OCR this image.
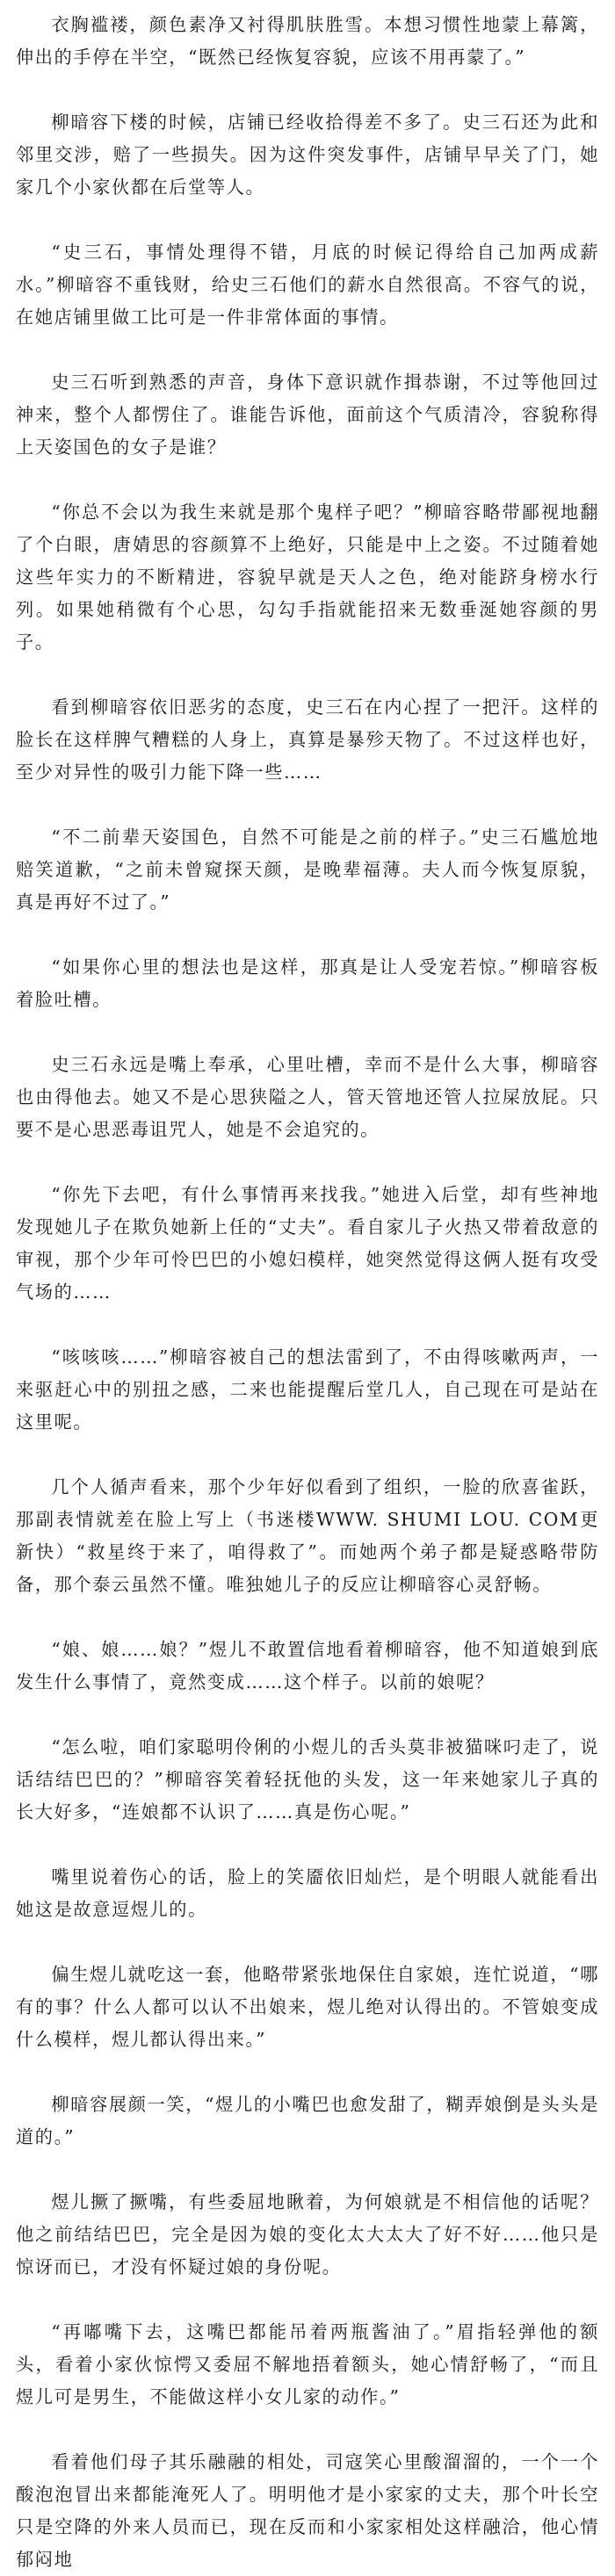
衣胸褴褛，颜色素净又衬得肌肤胜雪。本想习惯性地蒙上幕篱，伸出的手停在半空，“既然已经恢复容貌，应该不用再蒙了。”

柳暗容下楼的时候，店铺已经收拾得差不多了。史三石还为此和邻里交涉，赔了一些损失。因为这件突发事件，店铺早早关了门，她家几个小家伙都在后堂等人。

“史三石，事情处理得不错，月底的时候记得给自己加两成薪水。”柳暗容不重钱财，给史三石他们的薪水自然很高。不容气的说，在她店铺里做工比可是一件非常体面的事情。

史三石听到熟悉的声音，身体下意识就作揖恭谢，不过等他回过神来，整个人都愣住了。谁能告诉他，面前这个气质清冷，容貌称得上天姿国色的女子是谁？

“你总不会以为我生来就是那个鬼样子吧？”柳暗容略带鄙视地翻了个白眼，唐婧思的容颜算不上绝好，只能是中上之姿。不过随着她这些年实力的不断精进，容貌早就是天人之色，绝对能跻身榜水行列。如果她稍微有个心思，勾勾手指就能招来无数垂涎她容颜的男子。

看到柳暗容依旧恶劣的态度，史三石在内心捏了一把汗。这样的脸长在这样脾气糟糕的人身上，真算是暴殄天物了。不过这样也好，至少对异性的吸引力能下降一些……

“不二前辈天姿国色，自然不可能是之前的样子。”史三石尴尬地赔笑道歉，“之前未曾窥探天颜，是晚辈福薄。夫人而今恢复原貌，真是再好不过了。”

“如果你心里的想法也是这样，那真是让人受宠若惊。”柳暗容板着脸吐槽。

史三石永远是嘴上奉承，心里吐槽，幸而不是什么大事，柳暗容也由得他去。她又不是心思狭隘之人，管天管地还管人拉屎放屁。只要不是心思恶毒诅咒人，她是不会追究的。

“你先下去吧，有什么事情再来找我。”她进入后堂，却有些神地发现她儿子在欺负她新上任的“丈夫”。看自家儿子火热又带着敌意的审视，那个少年可怜巴巴的小媳妇模样，她突然觉得这俩人挺有攻受气场的……

“咳咳咳……”柳暗容被自己的想法雷到了，不由得咳嗽两声，一来驱赶心中的别扭之感，二来也能提醒后堂几人，自己现在可是站在这里呢。

几个人循声看来，那个少年好似看到了组织，一脸的欣喜雀跃，那副表情就差在脸上写上（书迷楼WWW. SHUMI LOU. COM更新快）“救星终于来了，咱得救了”。而她两个弟子都是疑惑略带防备，那个泰云虽然不懂。唯独她儿子的反应让柳暗容心灵舒畅。

“娘、娘……娘？”煜儿不敢置信地看着柳暗容，他不知道娘到底发生什么事情了，竟然变成……这个样子。以前的娘呢？

“怎么啦，咱们家聪明伶俐的小煜儿的舌头莫非被猫咪叼走了，说话结结巴巴的？”柳暗容笑着轻抚他的头发，这一年来她家儿子真的长大好多，“连娘都不认识了……真是伤心呢。”

嘴里说着伤心的话，脸上的笑靥依旧灿烂，是个明眼人就能看出她这是故意逗煜儿的。

偏生煜儿就吃这一套，他略带紧张地保住自家娘，连忙说道，“哪有的事？什么人都可以认不出娘来，煜儿绝对认得出的。不管娘变成什么模样，煜儿都认得出来。”

柳暗容展颜一笑，“煜儿的小嘴巴也愈发甜了，糊弄娘倒是头头是道的。”

煜儿撅了撅嘴，有些委屈地瞅着，为何娘就是不相信他的话呢？他之前结结巴巴，完全是因为娘的变化太大太大了好不好……他只是惊讶而已，才没有怀疑过娘的身份呢。

“再嘟嘴下去，这嘴巴都能吊着两瓶酱油了。”眉指轻弹他的额头，看着小家伙惊愕又委屈不解地捂着额头，她心情舒畅了，“而且煜儿可是男生，不能做这样小女儿家的动作。”

看着他们母子其乐融融的相处，司寇笑心里酸溜溜的，一个一个酸泡泡冒出来都能淹死人了。明明他才是小家家的丈夫，那个叶长空只是空降的外来人员而已，现在反而和小家家相处这样融洽，他心情郁闷地
